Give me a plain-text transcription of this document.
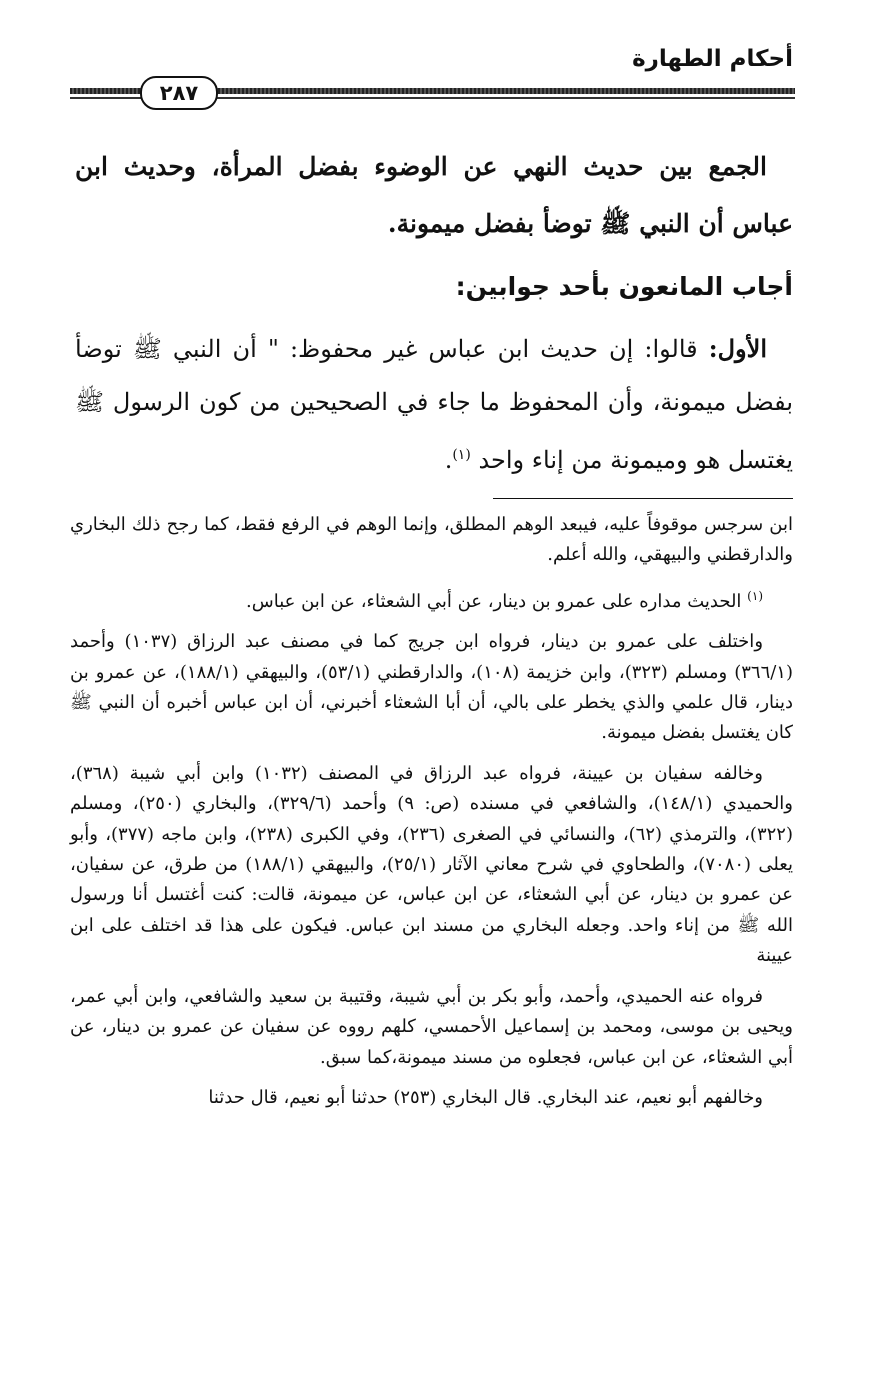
أحكام الطهارة
٢٨٧

الجمع بين حديث النهي عن الوضوء بفضل المرأة، وحديث ابن عباس أن النبي ﷺ توضأ بفضل ميمونة.

أجاب المانعون بأحد جوابين:

الأول: قالوا: إن حديث ابن عباس غير محفوظ: " أن النبي ﷺ توضأ بفضل ميمونة، وأن المحفوظ ما جاء في الصحيحين من كون الرسول ﷺ يغتسل هو وميمونة من إناء واحد $^{(١)}$.

ابن سرجس موقوفاً عليه، فيبعد الوهم المطلق، وإنما الوهم في الرفع فقط، كما رجح ذلك البخاري والدارقطني والبيهقي، والله أعلم.

$^{(١)}$ الحديث مداره على عمرو بن دينار، عن أبي الشعثاء، عن ابن عباس.

واختلف على عمرو بن دينار، فرواه ابن جريج كما في مصنف عبد الرزاق (١٠٣٧) وأحمد (٣٦٦/١) ومسلم (٣٢٣)، وابن خزيمة (١٠٨)، والدارقطني (٥٣/١)، والبيهقي (١٨٨/١)، عن عمرو بن دينار، قال علمي والذي يخطر على بالي، أن أبا الشعثاء أخبرني، أن ابن عباس أخبره أن النبي ﷺ كان يغتسل بفضل ميمونة.

وخالفه سفيان بن عيينة، فرواه عبد الرزاق في المصنف (١٠٣٢) وابن أبي شيبة (٣٦٨)، والحميدي (١٤٨/١)، والشافعي في مسنده (ص: ٩) وأحمد (٣٢٩/٦)، والبخاري (٢٥٠)، ومسلم (٣٢٢)، والترمذي (٦٢)، والنسائي في الصغرى (٢٣٦)، وفي الكبرى (٢٣٨)، وابن ماجه (٣٧٧)، وأبو يعلى (٧٠٨٠)، والطحاوي في شرح معاني الآثار (٢٥/١)، والبيهقي (١٨٨/١) من طرق، عن سفيان، عن عمرو بن دينار، عن أبي الشعثاء، عن ابن عباس، عن ميمونة، قالت: كنت أغتسل أنا ورسول الله ﷺ من إناء واحد. وجعله البخاري من مسند ابن عباس. فيكون على هذا قد اختلف على ابن عيينة

فرواه عنه الحميدي، وأحمد، وأبو بكر بن أبي شيبة، وقتيبة بن سعيد والشافعي، وابن أبي عمر، ويحيى بن موسى، ومحمد بن إسماعيل الأحمسي، كلهم رووه عن سفيان عن عمرو بن دينار، عن أبي الشعثاء، عن ابن عباس، فجعلوه من مسند ميمونة،كما سبق.

وخالفهم أبو نعيم، عند البخاري. قال البخاري (٢٥٣) حدثنا أبو نعيم، قال حدثنا
